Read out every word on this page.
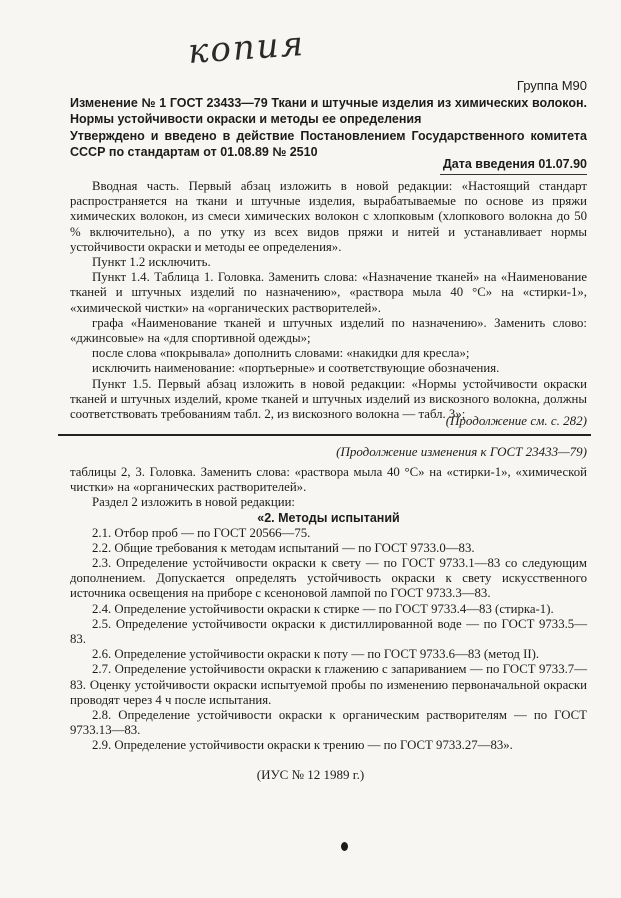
копия
Группа М90
Изменение № 1 ГОСТ 23433—79 Ткани и штучные изделия из химических волокон. Нормы устойчивости окраски и методы ее определения
Утверждено и введено в действие Постановлением Государственного комитета СССР по стандартам от 01.08.89 № 2510
Дата введения 01.07.90

Вводная часть. Первый абзац изложить в новой редакции: «Настоящий стандарт распространяется на ткани и штучные изделия, вырабатываемые по основе из пряжи химических волокон, из смеси химических волокон с хлопковым (хлопкового волокна до 50 % включительно), а по утку из всех видов пряжи и нитей и устанавливает нормы устойчивости окраски и методы ее определения».

Пункт 1.2 исключить.

Пункт 1.4. Таблица 1. Головка. Заменить слова: «Назначение тканей» на «Наименование тканей и штучных изделий по назначению», «раствора мыла 40 °С» на «стирки-1», «химической чистки» на «органических растворителей».

графа «Наименование тканей и штучных изделий по назначению». Заменить слово: «джинсовые» на «для спортивной одежды»;

после слова «покрывала» дополнить словами: «накидки для кресла»;

исключить наименование: «портьерные» и соответствующие обозначения.

Пункт 1.5. Первый абзац изложить в новой редакции: «Нормы устойчивости окраски тканей и штучных изделий, кроме тканей и штучных изделий из вискозного волокна, должны соответствовать требованиям табл. 2, из вискозного волокна — табл. 3»;

(Продолжение см. с. 282)
(Продолжение изменения к ГОСТ 23433—79)

таблицы 2, 3. Головка. Заменить слова: «раствора мыла 40 °С» на «стирки-1», «химической чистки» на «органических растворителей».

Раздел 2 изложить в новой редакции:

«2. Методы испытаний

2.1. Отбор проб — по ГОСТ 20566—75.

2.2. Общие требования к методам испытаний — по ГОСТ 9733.0—83.

2.3. Определение устойчивости окраски к свету — по ГОСТ 9733.1—83 со следующим дополнением. Допускается определять устойчивость окраски к свету искусственного источника освещения на приборе с ксеноновой лампой по ГОСТ 9733.3—83.

2.4. Определение устойчивости окраски к стирке — по ГОСТ 9733.4—83 (стирка-1).

2.5. Определение устойчивости окраски к дистиллированной воде — по ГОСТ 9733.5—83.

2.6. Определение устойчивости окраски к поту — по ГОСТ 9733.6—83 (метод II).

2.7. Определение устойчивости окраски к глажению с запариванием — по ГОСТ 9733.7—83. Оценку устойчивости окраски испытуемой пробы по изменению первоначальной окраски проводят через 4 ч после испытания.

2.8. Определение устойчивости окраски к органическим растворителям — по ГОСТ 9733.13—83.

2.9. Определение устойчивости окраски к трению — по ГОСТ 9733.27—83».

(ИУС № 12 1989 г.)
